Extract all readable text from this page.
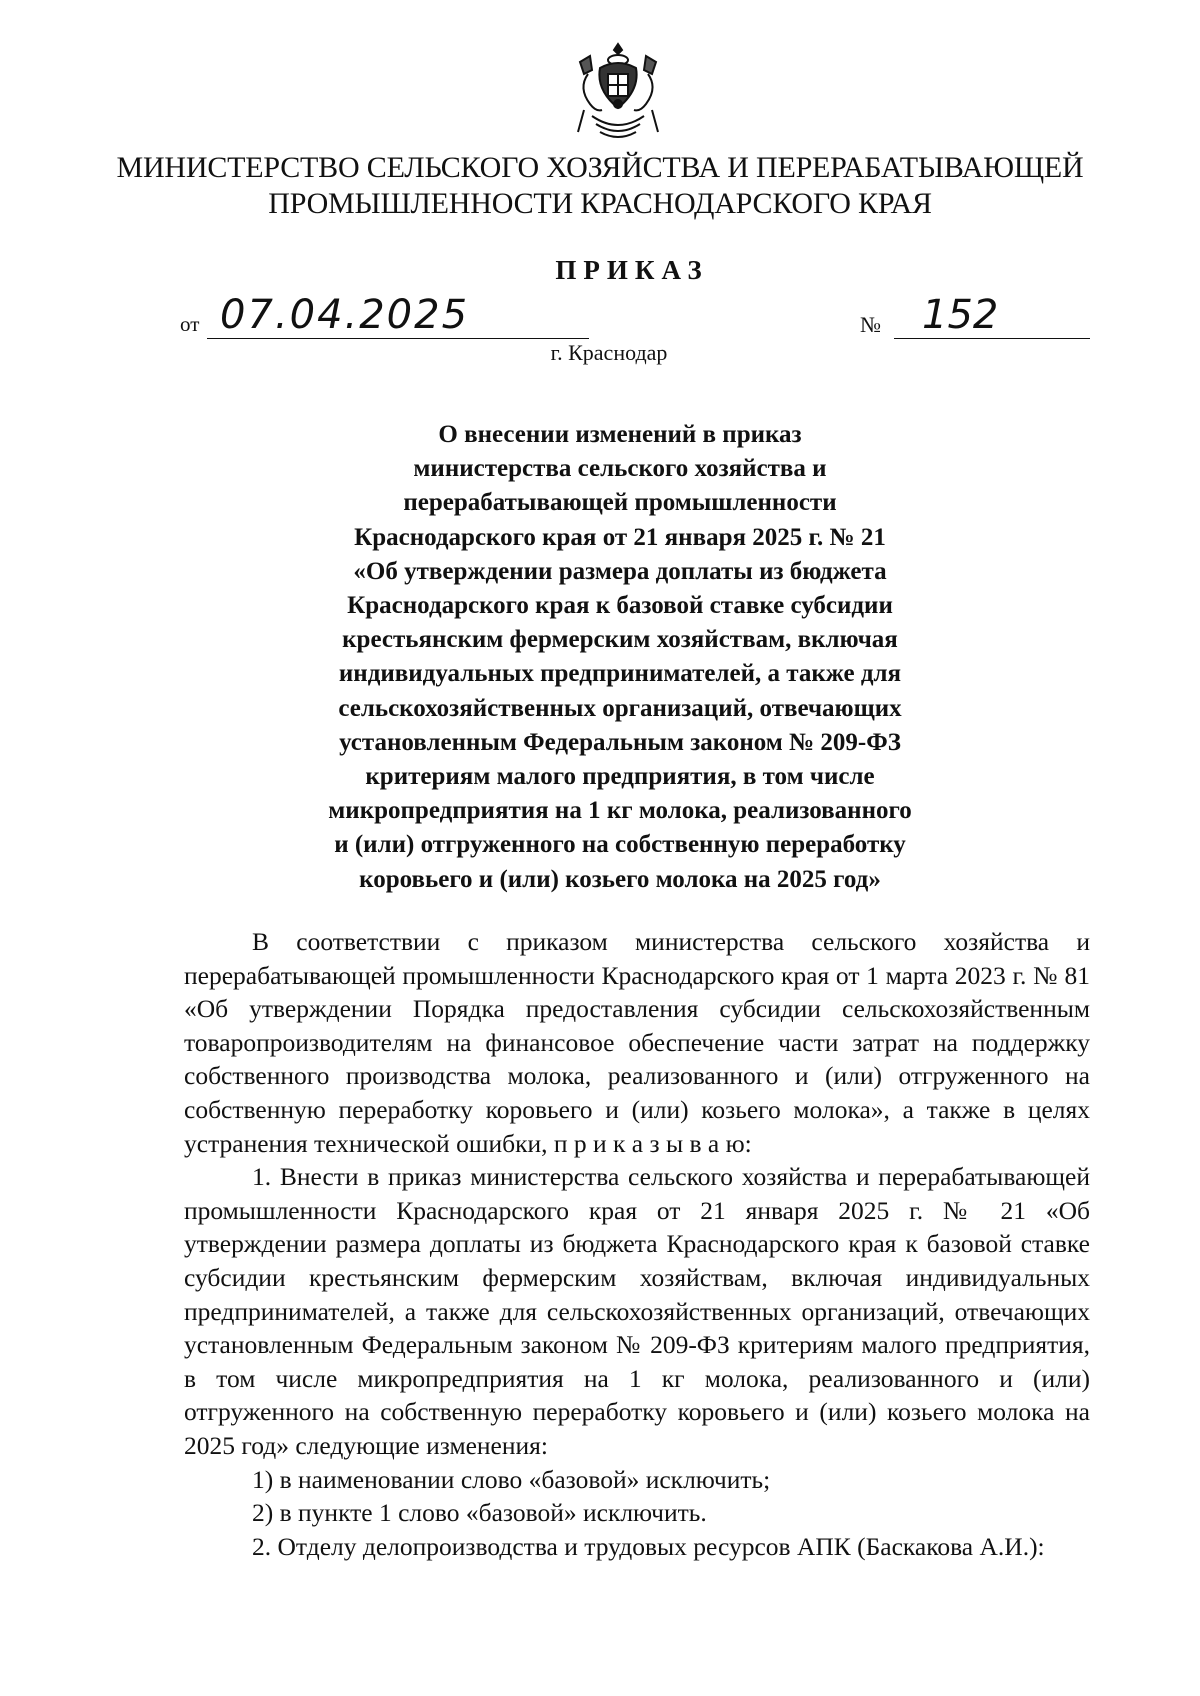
МИНИСТЕРСТВО СЕЛЬСКОГО ХОЗЯЙСТВА И ПЕРЕРАБАТЫВАЮЩЕЙ
ПРОМЫШЛЕННОСТИ КРАСНОДАРСКОГО КРАЯ
ПРИКАЗ
от 07.04.2025	№ 152
г. Краснодар
О внесении изменений в приказ
министерства сельского хозяйства и
перерабатывающей промышленности
Краснодарского края от 21 января 2025 г. № 21
«Об утверждении размера доплаты из бюджета
Краснодарского края к базовой ставке субсидии
крестьянским фермерским хозяйствам, включая
индивидуальных предпринимателей, а также для
сельскохозяйственных организаций, отвечающих
установленным Федеральным законом № 209-ФЗ
критериям малого предприятия, в том числе
микропредприятия на 1 кг молока, реализованного
и (или) отгруженного на собственную переработку
коровьего и (или) козьего молока на 2025 год»
В соответствии с приказом министерства сельского хозяйства и перерабатывающей промышленности Краснодарского края от 1 марта 2023 г. № 81 «Об утверждении Порядка предоставления субсидии сельскохозяйственным товаропроизводителям на финансовое обеспечение части затрат на поддержку собственного производства молока, реализованного и (или) отгруженного на собственную переработку коровьего и (или) козьего молока», а также в целях устранения технической ошибки, п р и к а з ы в а ю:
1. Внести в приказ министерства сельского хозяйства и перерабатывающей промышленности Краснодарского края от 21 января 2025 г. № 21 «Об утверждении размера доплаты из бюджета Краснодарского края к базовой ставке субсидии крестьянским фермерским хозяйствам, включая индивидуальных предпринимателей, а также для сельскохозяйственных организаций, отвечающих установленным Федеральным законом № 209-ФЗ критериям малого предприятия, в том числе микропредприятия на 1 кг молока, реализованного и (или) отгруженного на собственную переработку коровьего и (или) козьего молока на 2025 год» следующие изменения:
1) в наименовании слово «базовой» исключить;
2) в пункте 1 слово «базовой» исключить.
2. Отделу делопроизводства и трудовых ресурсов АПК (Баскакова А.И.):
